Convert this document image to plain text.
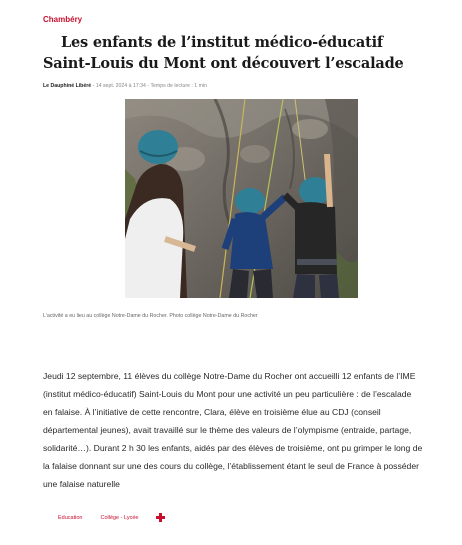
Chambéry
Les enfants de l’institut médico-éducatif Saint-Louis du Mont ont découvert l’escalade
Le Dauphiné Libéré - 14 sept. 2024 à 17:34 - Temps de lecture : 1 min
L’activité a eu lieu au collège Notre-Dame du Rocher. Photo collège Notre-Dame du Rocher

Jeudi 12 septembre, 11 élèves du collège Notre-Dame du Rocher ont accueilli 12 enfants de l’IME (institut médico-éducatif) Saint-Louis du Mont pour une activité un peu particulière : de l’escalade en falaise. À l’initiative de cette rencontre, Clara, élève en troisième élue au CDJ (conseil départemental jeunes), avait travaillé sur le thème des valeurs de l’olympisme (entraide, partage, solidarité…). Durant 2 h 30 les enfants, aidés par des élèves de troisième, ont pu grimper le long de la falaise donnant sur une des cours du collège, l’établissement étant le seul de France à posséder une falaise naturelle

Education	Collège - Lycée
